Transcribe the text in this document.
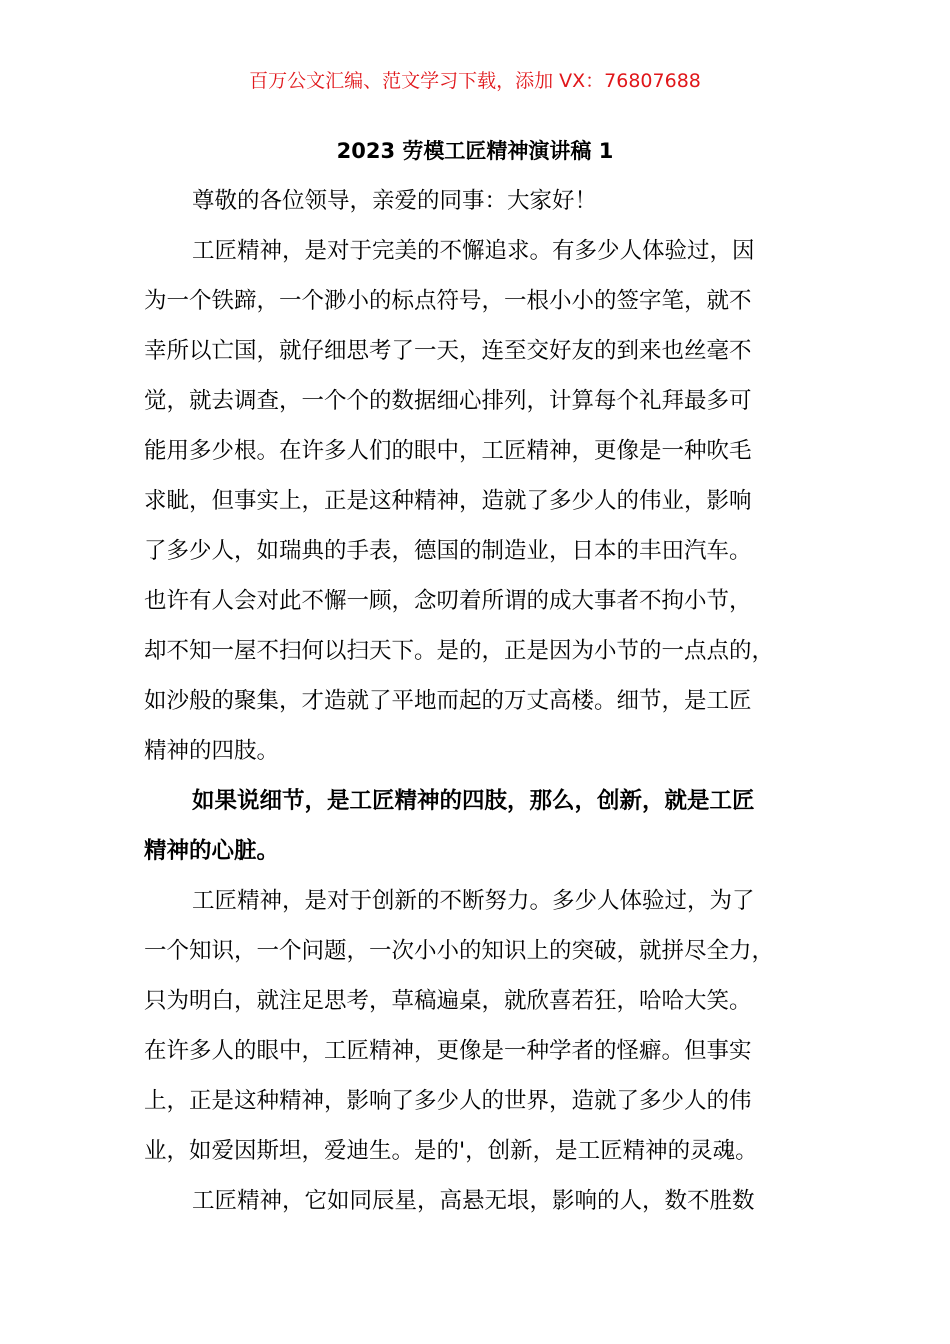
百万公文汇编、范文学习下载，添加 VX：76807688
2023 劳模工匠精神演讲稿 1
尊敬的各位领导，亲爱的同事：大家好！
工匠精神，是对于完美的不懈追求。有多少人体验过，因
为一个铁蹄，一个渺小的标点符号，一根小小的签字笔，就不
幸所以亡国，就仔细思考了一天，连至交好友的到来也丝毫不
觉，就去调查，一个个的数据细心排列，计算每个礼拜最多可
能用多少根。在许多人们的眼中，工匠精神，更像是一种吹毛
求眦，但事实上，正是这种精神，造就了多少人的伟业，影响
了多少人，如瑞典的手表，德国的制造业，日本的丰田汽车。
也许有人会对此不懈一顾，念叨着所谓的成大事者不拘小节，
却不知一屋不扫何以扫天下。是的，正是因为小节的一点点的，
如沙般的聚集，才造就了平地而起的万丈高楼。细节，是工匠
精神的四肢。
如果说细节，是工匠精神的四肢，那么，创新，就是工匠
精神的心脏。
工匠精神，是对于创新的不断努力。多少人体验过，为了
一个知识，一个问题，一次小小的知识上的突破，就拼尽全力，
只为明白，就注足思考，草稿遍桌，就欣喜若狂，哈哈大笑。
在许多人的眼中，工匠精神，更像是一种学者的怪癖。但事实
上，正是这种精神，影响了多少人的世界，造就了多少人的伟
业，如爱因斯坦，爱迪生。是的'，创新，是工匠精神的灵魂。
工匠精神，它如同辰星，高悬无垠，影响的人，数不胜数
